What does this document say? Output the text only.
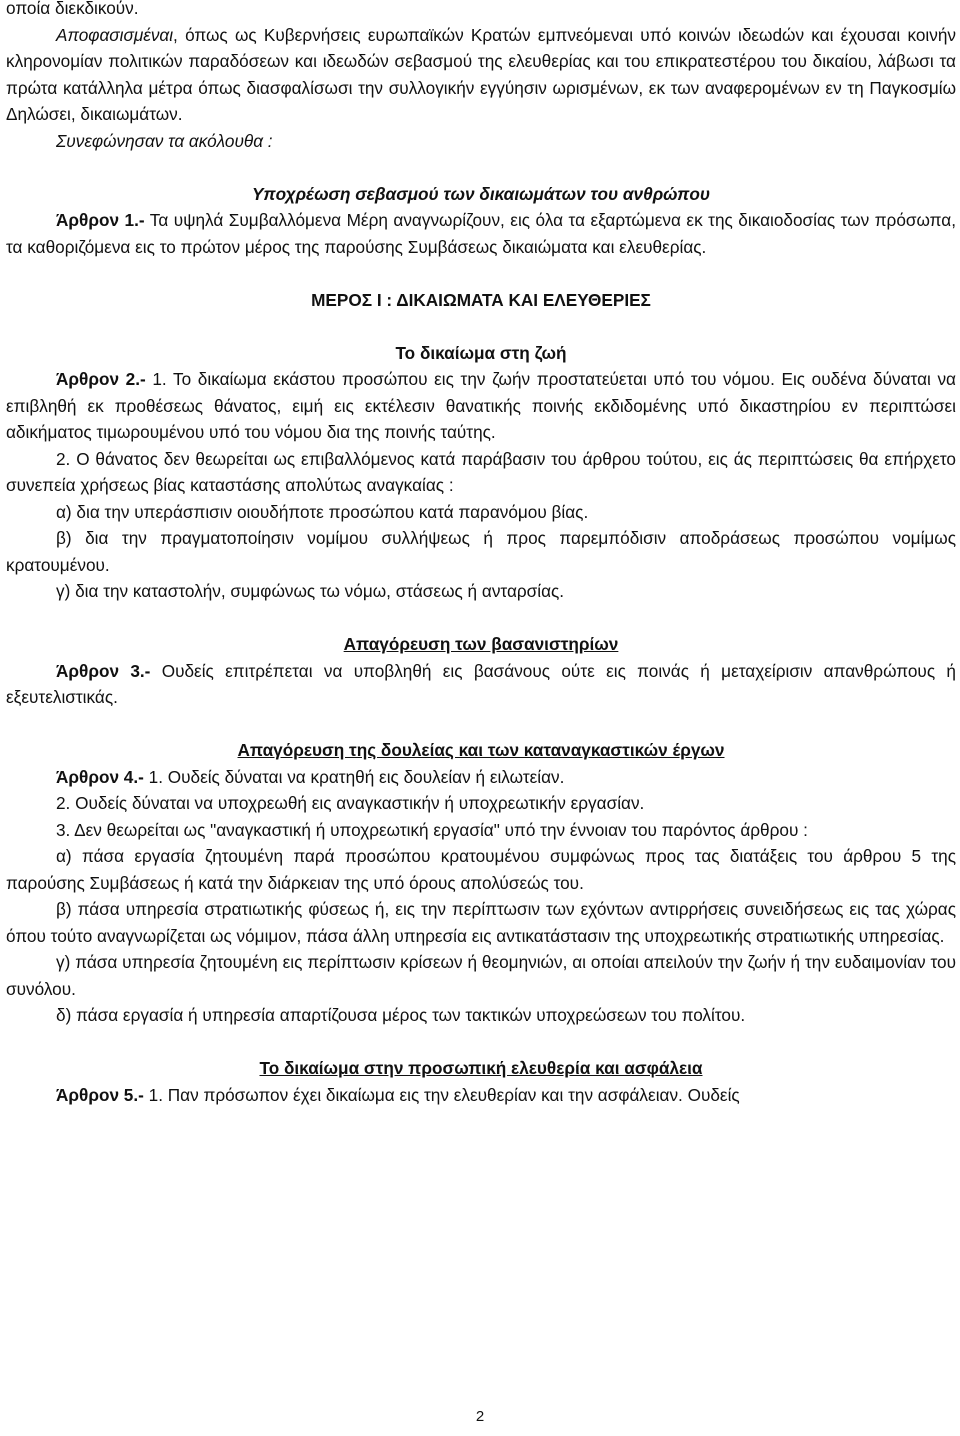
οποία διεκδικούν.

Αποφασισμέναι, όπως ως Κυβερνήσεις ευρωπαϊκών Κρατών εμπνεόμεναι υπό κοινών ιδεωdών και έχουσαι κοινήν κληρονομίαν πολιτικών παραδόσεων και ιδεωδών σεβασμού της ελευθερίας και του επικρατεστέρου του δικαίου, λάβωσι τα πρώτα κατάλληλα μέτρα όπως διασφαλίσωσι την συλλογικήν εγγύησιν ωρισμένων, εκ των αναφερομένων εν τη Παγκοσμίω Δηλώσει, δικαιωμάτων.

Συνεφώνησαν τα ακόλουθα :

Υποχρέωση σεβασμού των δικαιωμάτων του ανθρώπου

Άρθρον 1.- Τα υψηλά Συμβαλλόμενα Μέρη αναγνωρίζουν, εις όλα τα εξαρτώμενα εκ της δικαιοδοσίας των πρόσωπα, τα καθοριζόμενα εις το πρώτον μέρος της παρούσης Συμβάσεως δικαιώματα και ελευθερίας.

ΜΕΡΟΣ Ι : ΔΙΚΑΙΩΜΑΤΑ ΚΑΙ ΕΛΕΥΘΕΡΙΕΣ

Το δικαίωμα στη ζωή

Άρθρον 2.- 1. Το δικαίωμα εκάστου προσώπου εις την ζωήν προστατεύεται υπό του νόμου. Εις ουδένα δύναται να επιβληθή εκ προθέσεως θάνατος, ειμή εις εκτέλεσιν θανατικής ποινής εκδιδομένης υπό δικαστηρίου εν περιπτώσει αδικήματος τιμωρουμένου υπό του νόμου δια της ποινής ταύτης.

2. Ο θάνατος δεν θεωρείται ως επιβαλλόμενος κατά παράβασιν του άρθρου τούτου, εις άς περιπτώσεις θα επήρχετο συνεπεία χρήσεως βίας καταστάσης απολύτως αναγκαίας :

α) δια την υπεράσπισιν οιουδήποτε προσώπου κατά παρανόμου βίας.

β) δια την πραγματοποίησιν νομίμου συλλήψεως ή προς παρεμπόδισιν αποδράσεως προσώπου νομίμως κρατουμένου.

γ) δια την καταστολήν, συμφώνως τω νόμω, στάσεως ή ανταρσίας.

Απαγόρευση των βασανιστηρίων

Άρθρον 3.- Ουδείς επιτρέπεται να υποβληθή εις βασάνους ούτε εις ποινάς ή μεταχείρισιν απανθρώπους ή εξευτελιστικάς.

Απαγόρευση της δουλείας και των καταναγκαστικών έργων

Άρθρον 4.- 1. Ουδείς δύναται να κρατηθή εις δουλείαν ή ειλωτείαν.

2. Ουδείς δύναται να υποχρεωθή εις αναγκαστικήν ή υποχρεωτικήν εργασίαν.

3. Δεν θεωρείται ως "αναγκαστική ή υποχρεωτική εργασία" υπό την έννοιαν του παρόντος άρθρου :

α) πάσα εργασία ζητουμένη παρά προσώπου κρατουμένου συμφώνως προς τας διατάξεις του άρθρου 5 της παρούσης Συμβάσεως ή κατά την διάρκειαν της υπό όρους απολύσεώς του.

β) πάσα υπηρεσία στρατιωτικής φύσεως ή, εις την περίπτωσιν των εχόντων αντιρρήσεις συνειδήσεως εις τας χώρας όπου τούτο αναγνωρίζεται ως νόμιμον, πάσα άλλη υπηρεσία εις αντικατάστασιν της υποχρεωτικής στρατιωτικής υπηρεσίας.

γ) πάσα υπηρεσία ζητουμένη εις περίπτωσιν κρίσεων ή θεομηνιών, αι οποίαι απειλούν την ζωήν ή την ευδαιμονίαν του συνόλου.

δ) πάσα εργασία ή υπηρεσία απαρτίζουσα μέρος των τακτικών υποχρεώσεων του πολίτου.

Το δικαίωμα στην προσωπική ελευθερία και ασφάλεια

Άρθρον 5.- 1. Παν πρόσωπον έχει δικαίωμα εις την ελευθερίαν και την ασφάλειαν. Ουδείς

2
